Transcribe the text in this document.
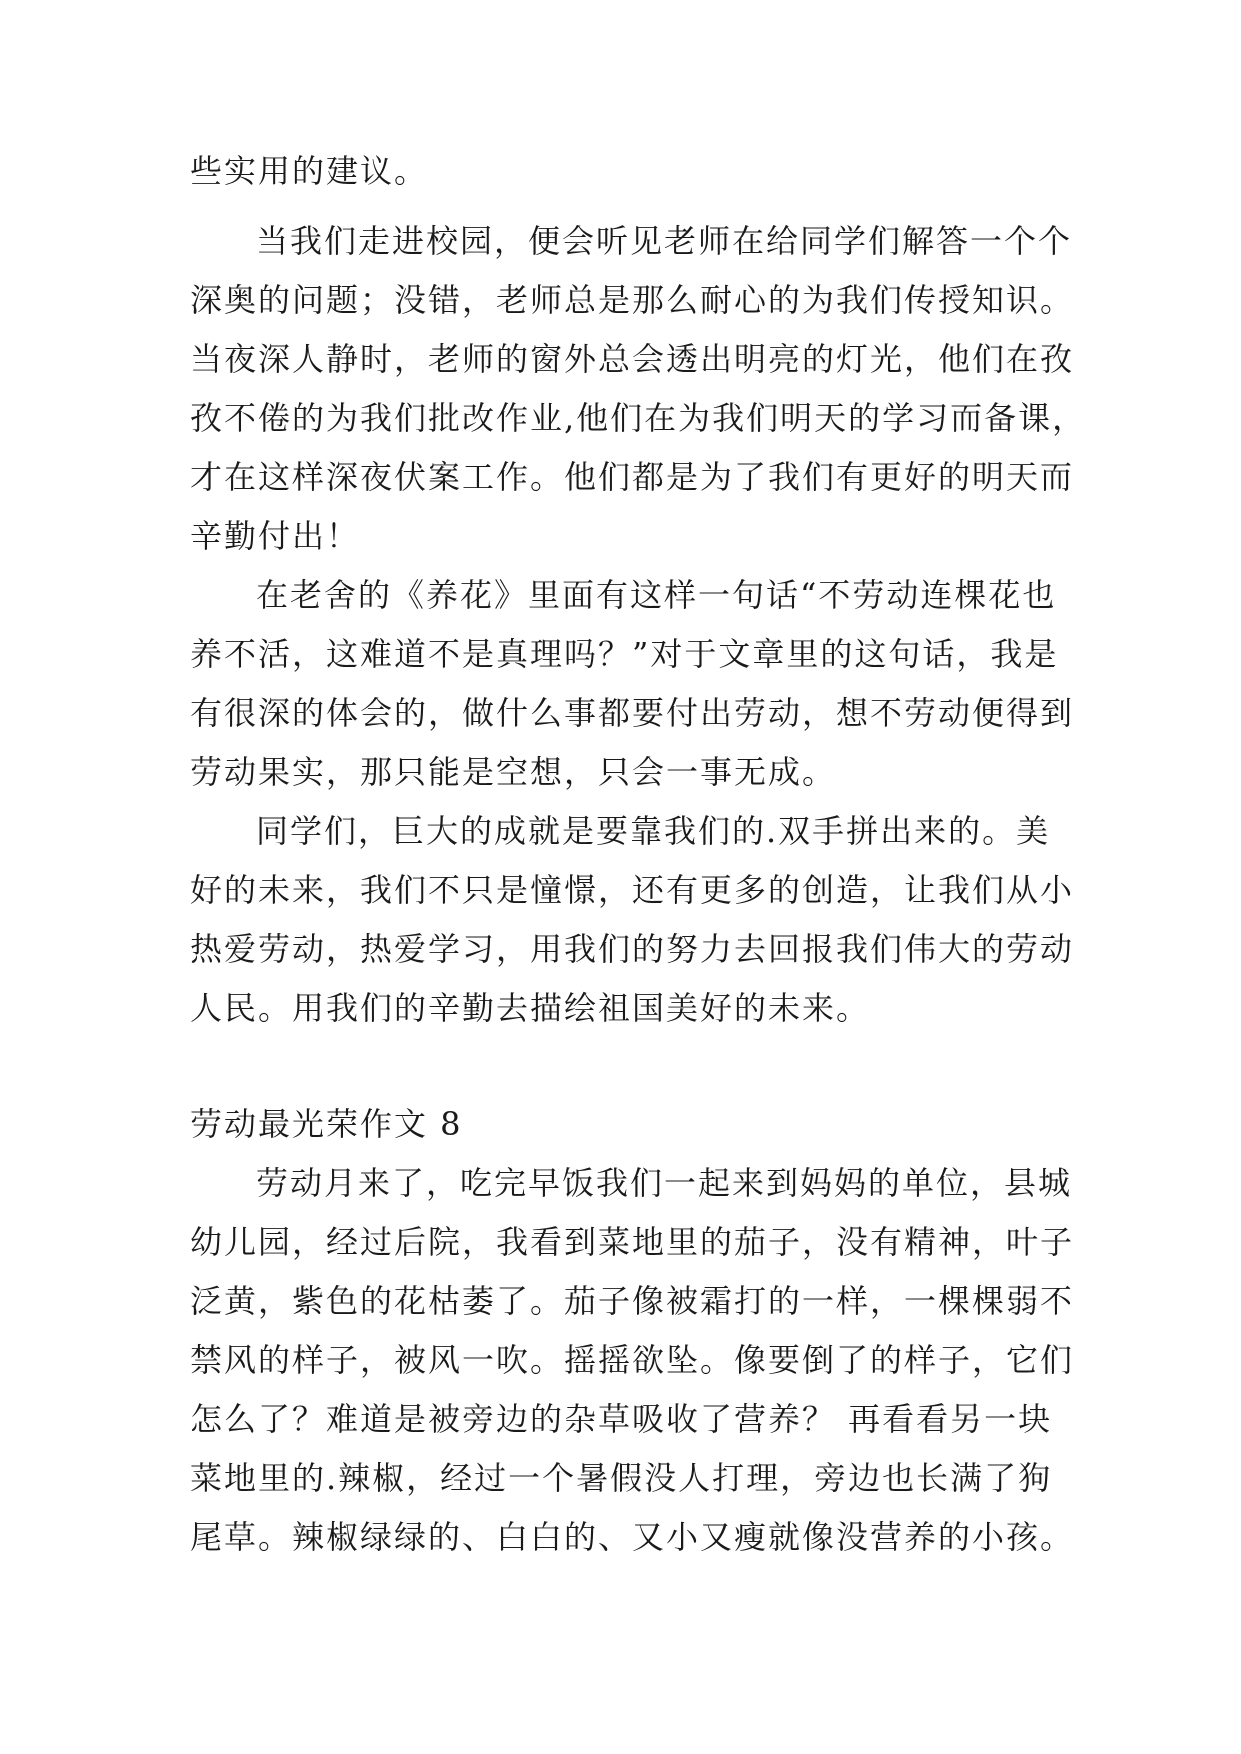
些实用的建议。

当我们走进校园，便会听见老师在给同学们解答一个个

深奥的问题；没错，老师总是那么耐心的为我们传授知识。

当夜深人静时，老师的窗外总会透出明亮的灯光，他们在孜

孜不倦的为我们批改作业,他们在为我们明天的学习而备课，

才在这样深夜伏案工作。他们都是为了我们有更好的明天而

辛勤付出！

在老舍的《养花》里面有这样一句话“不劳动连棵花也

养不活，这难道不是真理吗？”对于文章里的这句话，我是

有很深的体会的，做什么事都要付出劳动，想不劳动便得到

劳动果实，那只能是空想，只会一事无成。

同学们，巨大的成就是要靠我们的.双手拼出来的。美

好的未来，我们不只是憧憬，还有更多的创造，让我们从小

热爱劳动，热爱学习，用我们的努力去回报我们伟大的劳动

人民。用我们的辛勤去描绘祖国美好的未来。

劳动最光荣作文 8

劳动月来了，吃完早饭我们一起来到妈妈的单位，县城

幼儿园，经过后院，我看到菜地里的茄子，没有精神，叶子

泛黄，紫色的花枯萎了。茄子像被霜打的一样，一棵棵弱不

禁风的样子，被风一吹。摇摇欲坠。像要倒了的样子，它们

怎么了？难道是被旁边的杂草吸收了营养？ 再看看另一块

菜地里的.辣椒，经过一个暑假没人打理，旁边也长满了狗

尾草。辣椒绿绿的、白白的、又小又瘦就像没营养的小孩。
